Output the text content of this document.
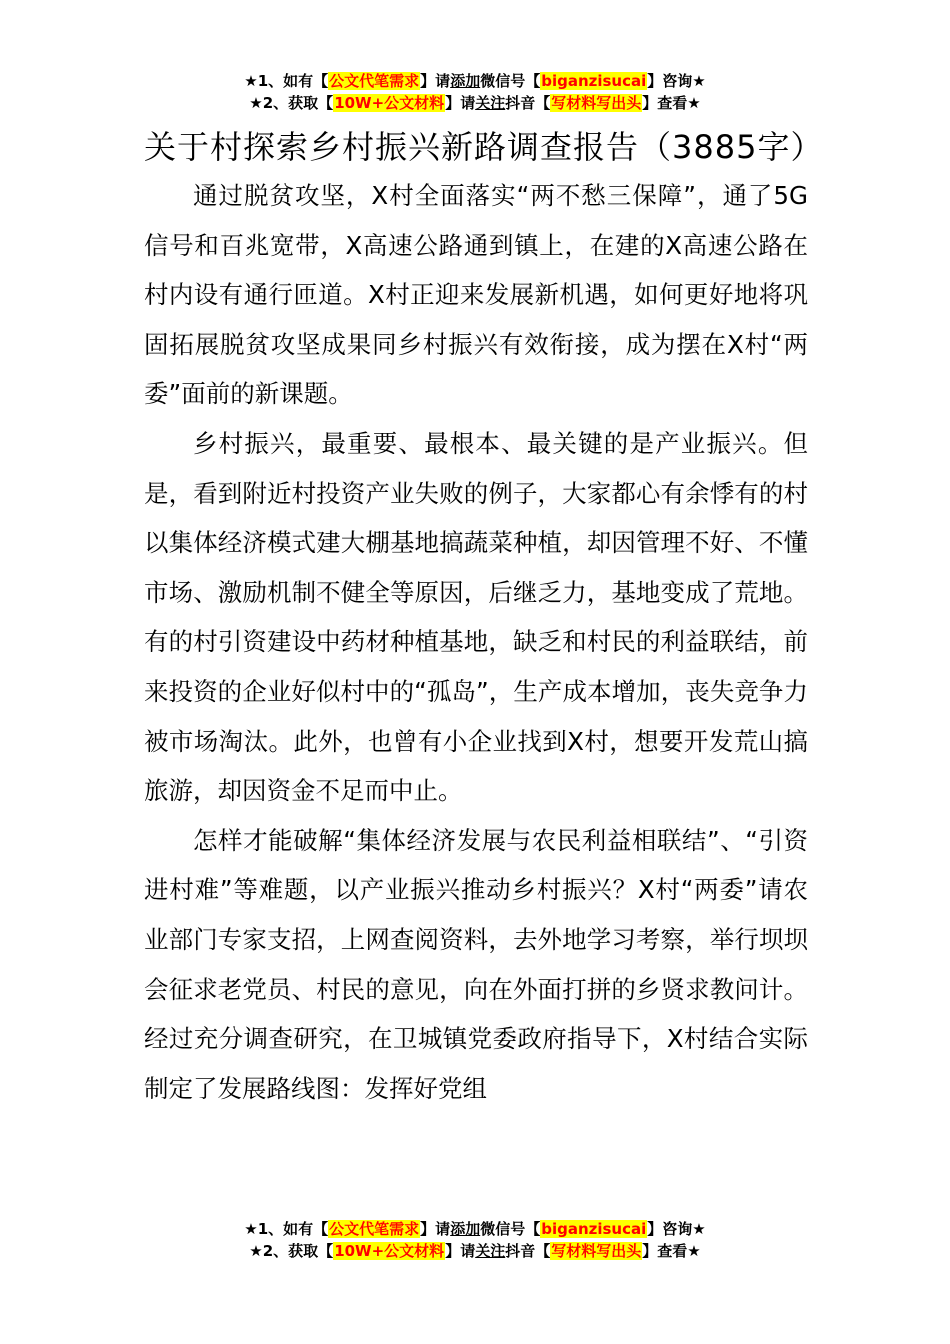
★1、如有【公文代笔需求】请添加微信号【biganzisucai】咨询★
★2、获取【10W+公文材料】请关注抖音【写材料写出头】查看★
关于村探索乡村振兴新路调查报告（3885字）

通过脱贫攻坚，X村全面落实“两不愁三保障”，通了5G信号和百兆宽带，X高速公路通到镇上，在建的X高速公路在村内设有通行匝道。X村正迎来发展新机遇，如何更好地将巩固拓展脱贫攻坚成果同乡村振兴有效衔接，成为摆在X村“两委”面前的新课题。

乡村振兴，最重要、最根本、最关键的是产业振兴。但是，看到附近村投资产业失败的例子，大家都心有余悸有的村以集体经济模式建大棚基地搞蔬菜种植，却因管理不好、不懂市场、激励机制不健全等原因，后继乏力，基地变成了荒地。有的村引资建设中药材种植基地，缺乏和村民的利益联结，前来投资的企业好似村中的“孤岛”，生产成本增加，丧失竞争力被市场淘汰。此外，也曾有小企业找到X村，想要开发荒山搞旅游，却因资金不足而中止。

怎样才能破解“集体经济发展与农民利益相联结”、“引资进村难”等难题，以产业振兴推动乡村振兴？X村“两委”请农业部门专家支招，上网查阅资料，去外地学习考察，举行坝坝会征求老党员、村民的意见，向在外面打拼的乡贤求教问计。经过充分调查研究，在卫城镇党委政府指导下，X村结合实际制定了发展路线图：发挥好党组

★1、如有【公文代笔需求】请添加微信号【biganzisucai】咨询★
★2、获取【10W+公文材料】请关注抖音【写材料写出头】查看★
